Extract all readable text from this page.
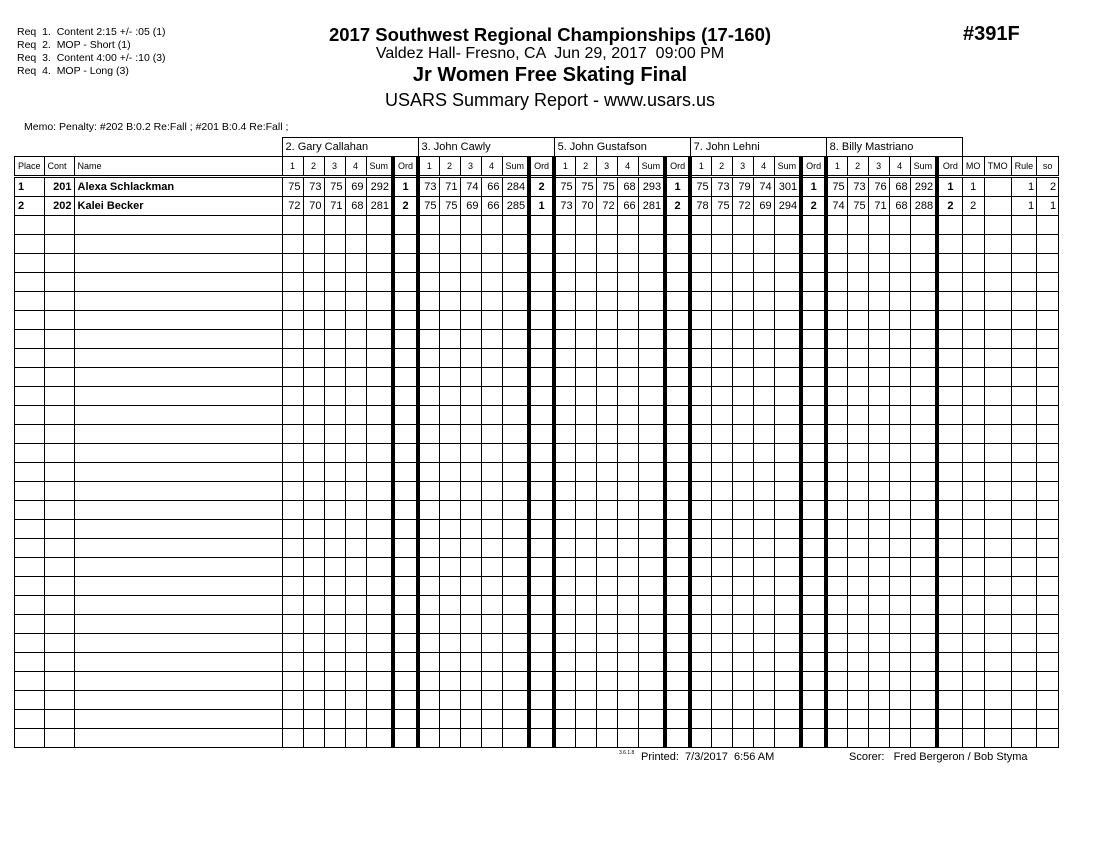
Req  1.  Content 2:15 +/- :05 (1)
Req  2.  MOP - Short (1)
Req  3.  Content 4:00 +/- :10 (3)
Req  4.  MOP - Long (3)
2017 Southwest Regional Championships (17-160)
Valdez Hall- Fresno, CA  Jun 29, 2017  09:00 PM
Jr Women Free Skating Final
USARS Summary Report - www.usars.us
#391F
Memo: Penalty: #202 B:0.2 Re:Fall ; #201 B:0.4 Re:Fall ;
			2. Gary Callahan						3. John Cawly						5. John Gustafson						7. John Lehni						8. Billy Mastriano									
Place	Cont	Name	1	2	3	4	Sum	Ord	1	2	3	4	Sum	Ord	1	2	3	4	Sum	Ord	1	2	3	4	Sum	Ord	1	2	3	4	Sum	Ord	MO	TMO	Rule	so
1	201	Alexa Schlackman	75	73	75	69	292	1	73	71	74	66	284	2	75	75	75	68	293	1	75	73	79	74	301	1	75	73	76	68	292	1	1		1	2
2	202	Kalei Becker	72	70	71	68	281	2	75	75	69	66	285	1	73	70	72	66	281	2	78	75	72	69	294	2	74	75	71	68	288	2	2		1	1

3.6.1.8 Printed:  7/3/2017  6:56 AM	Scorer:   Fred Bergeron / Bob Styma
